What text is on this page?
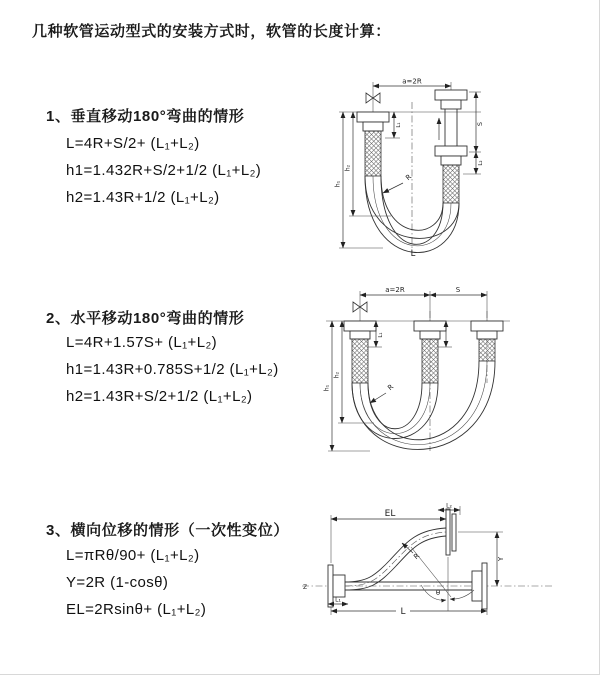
几种软管运动型式的安装方式时，软管的长度计算：
1、垂直移动180°弯曲的情形
L=4R+S/2+ (L₁+L₂)
h1=1.432R+S/2+1/2 (L₁+L₂)
h2=1.43R+1/2 (L₁+L₂)
a=2R
S
L₂
h₁
h₂
L₁
R
L
2、水平移动180°弯曲的情形
L=4R+1.57S+ (L₁+L₂)
h1=1.43R+0.785S+1/2 (L₁+L₂)
h2=1.43R+S/2+1/2 (L₁+L₂)
a=2R	S
h₁
h₂
L₁
R
3、横向位移的情形（一次性变位）
L=πRθ/90+ (L₁+L₂)
Y=2R (1-cosθ)
EL=2Rsinθ+ (L₁+L₂)
Z
EL
L₂
Y
L
L₁
θ
R
